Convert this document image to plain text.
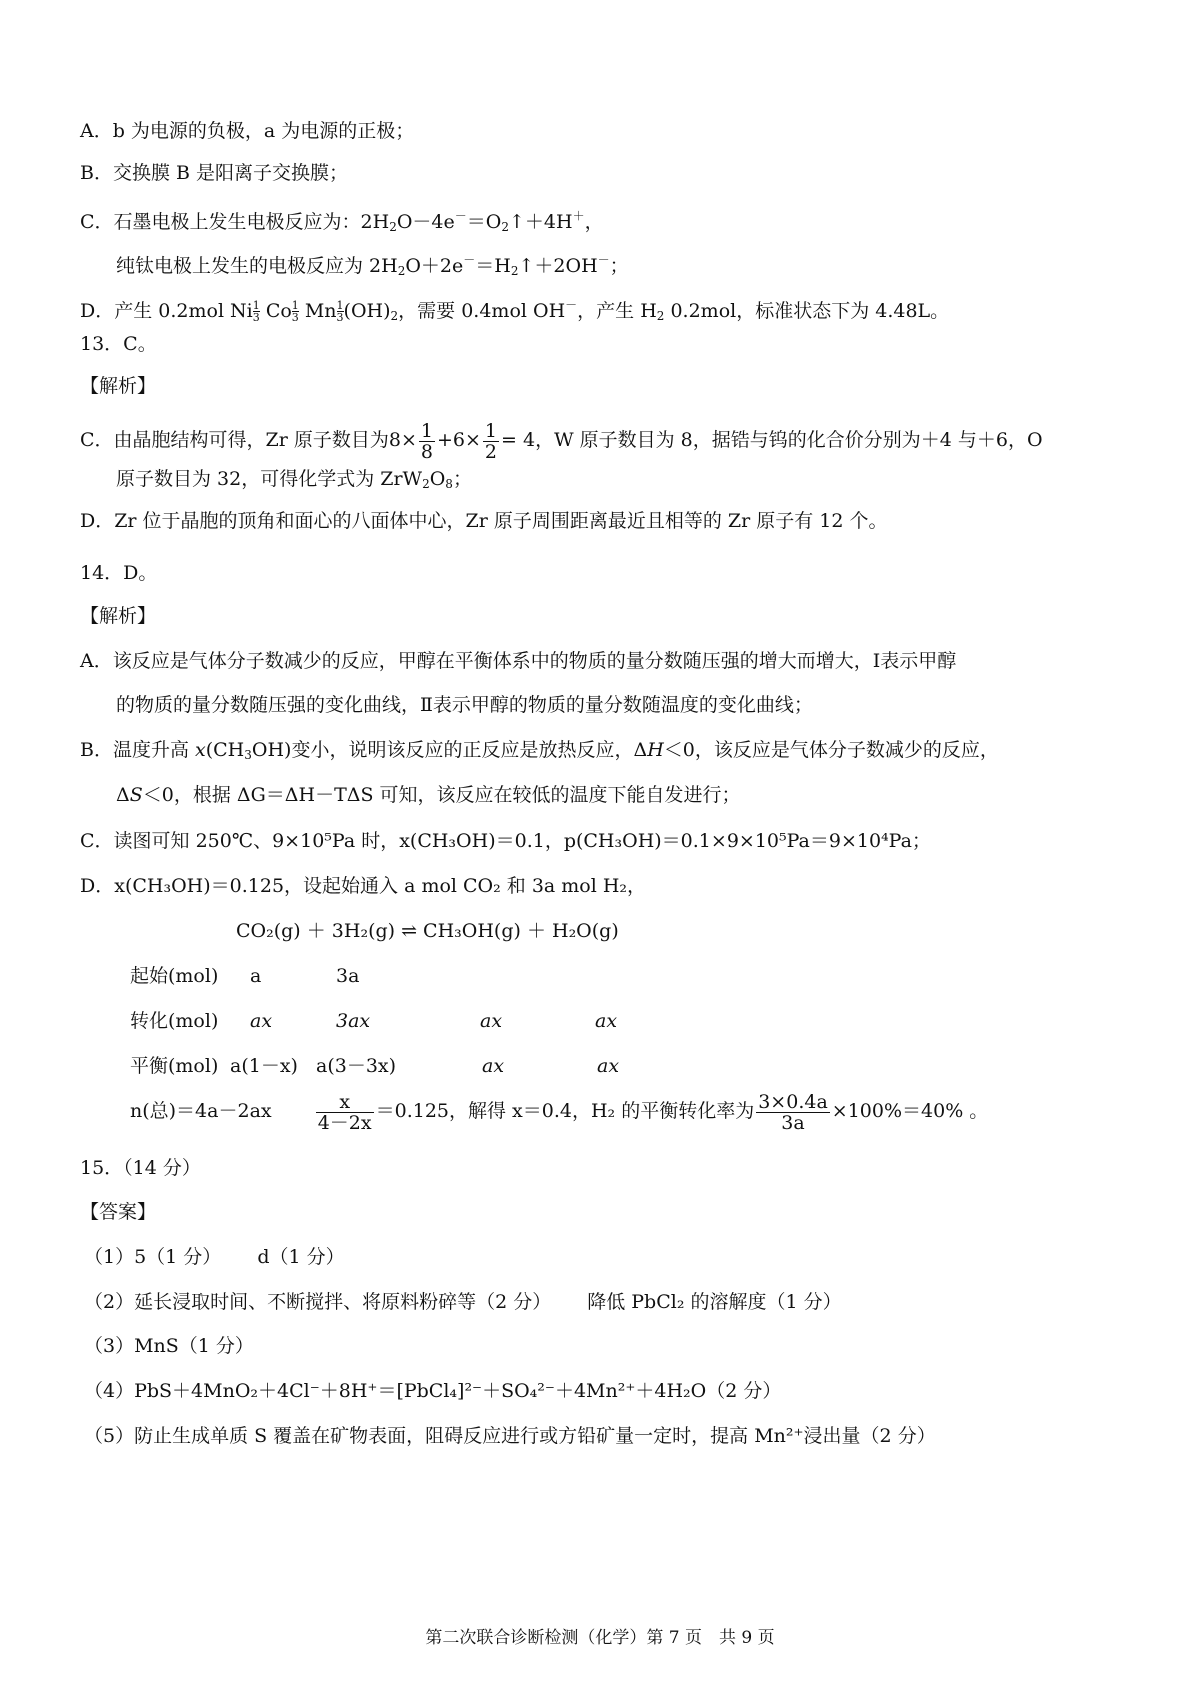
A．b 为电源的负极，a 为电源的正极；
B．交换膜 B 是阳离子交换膜；
C．石墨电极上发生电极反应为：$2H_2O-4e^-=O_2↑+4H^+$，
纯钛电极上发生的电极反应为 $2H_2O+2e^-=H_2↑+2OH^-$；
D．产生 0.2mol Ni $\frac{1}{3}$ Co $\frac{1}{3}$ Mn $\frac{1}{3} (OH)_2$，需要 0.4mol OH－，产生 $H_2$ 0.2mol，标准状态下为 4.48L。
13．C。
【解析】
C．由晶胞结构可得，Zr 原子数目为$8\times \frac{1}{8} +6\times \frac{1}{2} = 4$，W 原子数目为 8，据锆与钨的化合价分别为＋4 与＋6，O
原子数目为 32，可得化学式为 $ZrW_2O_8$；
D．Zr 位于晶胞的顶角和面心的八面体中心，Zr 原子周围距离最近且相等的 Zr 原子有 12 个。
14．D。
【解析】
A．该反应是气体分子数减少的反应，甲醇在平衡体系中的物质的量分数随压强的增大而增大，Ⅰ表示甲醇
的物质的量分数随压强的变化曲线，Ⅱ表示甲醇的物质的量分数随温度的变化曲线；
B．温度升高 $x(CH_3OH)$变小，说明该反应的正反应是放热反应，ΔH＜0，该反应是气体分子数减少的反应，
ΔS＜0，根据 ΔG＝ΔH－TΔS 可知，该反应在较低的温度下能自发进行；
C．读图可知 250℃、9×10⁵Pa 时，x(CH₃OH)＝0.1，p(CH₃OH)＝0.1×9×10⁵Pa＝9×10⁴Pa；
D．x(CH₃OH)＝0.125，设起始通入 a mol CO₂ 和 3a mol H₂，
CO₂(g) ＋ 3H₂(g) ⇌ CH₃OH(g) ＋ H₂O(g)
起始(mol) a	3a
转化(mol) ax	3ax	ax	ax
平衡(mol) a(1－x) a(3－3x)	ax	ax
n(总)$=4a-2ax \frac{x}{4-2x} =0.125$，解得 x＝0.4，H₂ 的平衡转化率为 $\frac{3\times 0.4a}{3a} \times 100\%=40\%$ 。
15．（14 分）
【答案】
（1）5（1 分） d（1 分）
（2）延长浸取时间、不断搅拌、将原料粉碎等（2 分） 降低 PbCl₂ 的溶解度（1 分）
（3）MnS（1 分）
（4）PbS＋4MnO₂＋4Cl⁻＋8H⁺＝[PbCl₄]²⁻＋SO₄²⁻＋4Mn²⁺＋4H₂O（2 分）
（5）防止生成单质 S 覆盖在矿物表面，阻碍反应进行或方铅矿量一定时，提高 Mn²⁺浸出量（2 分）
第二次联合诊断检测（化学）第 7 页　共 9 页
